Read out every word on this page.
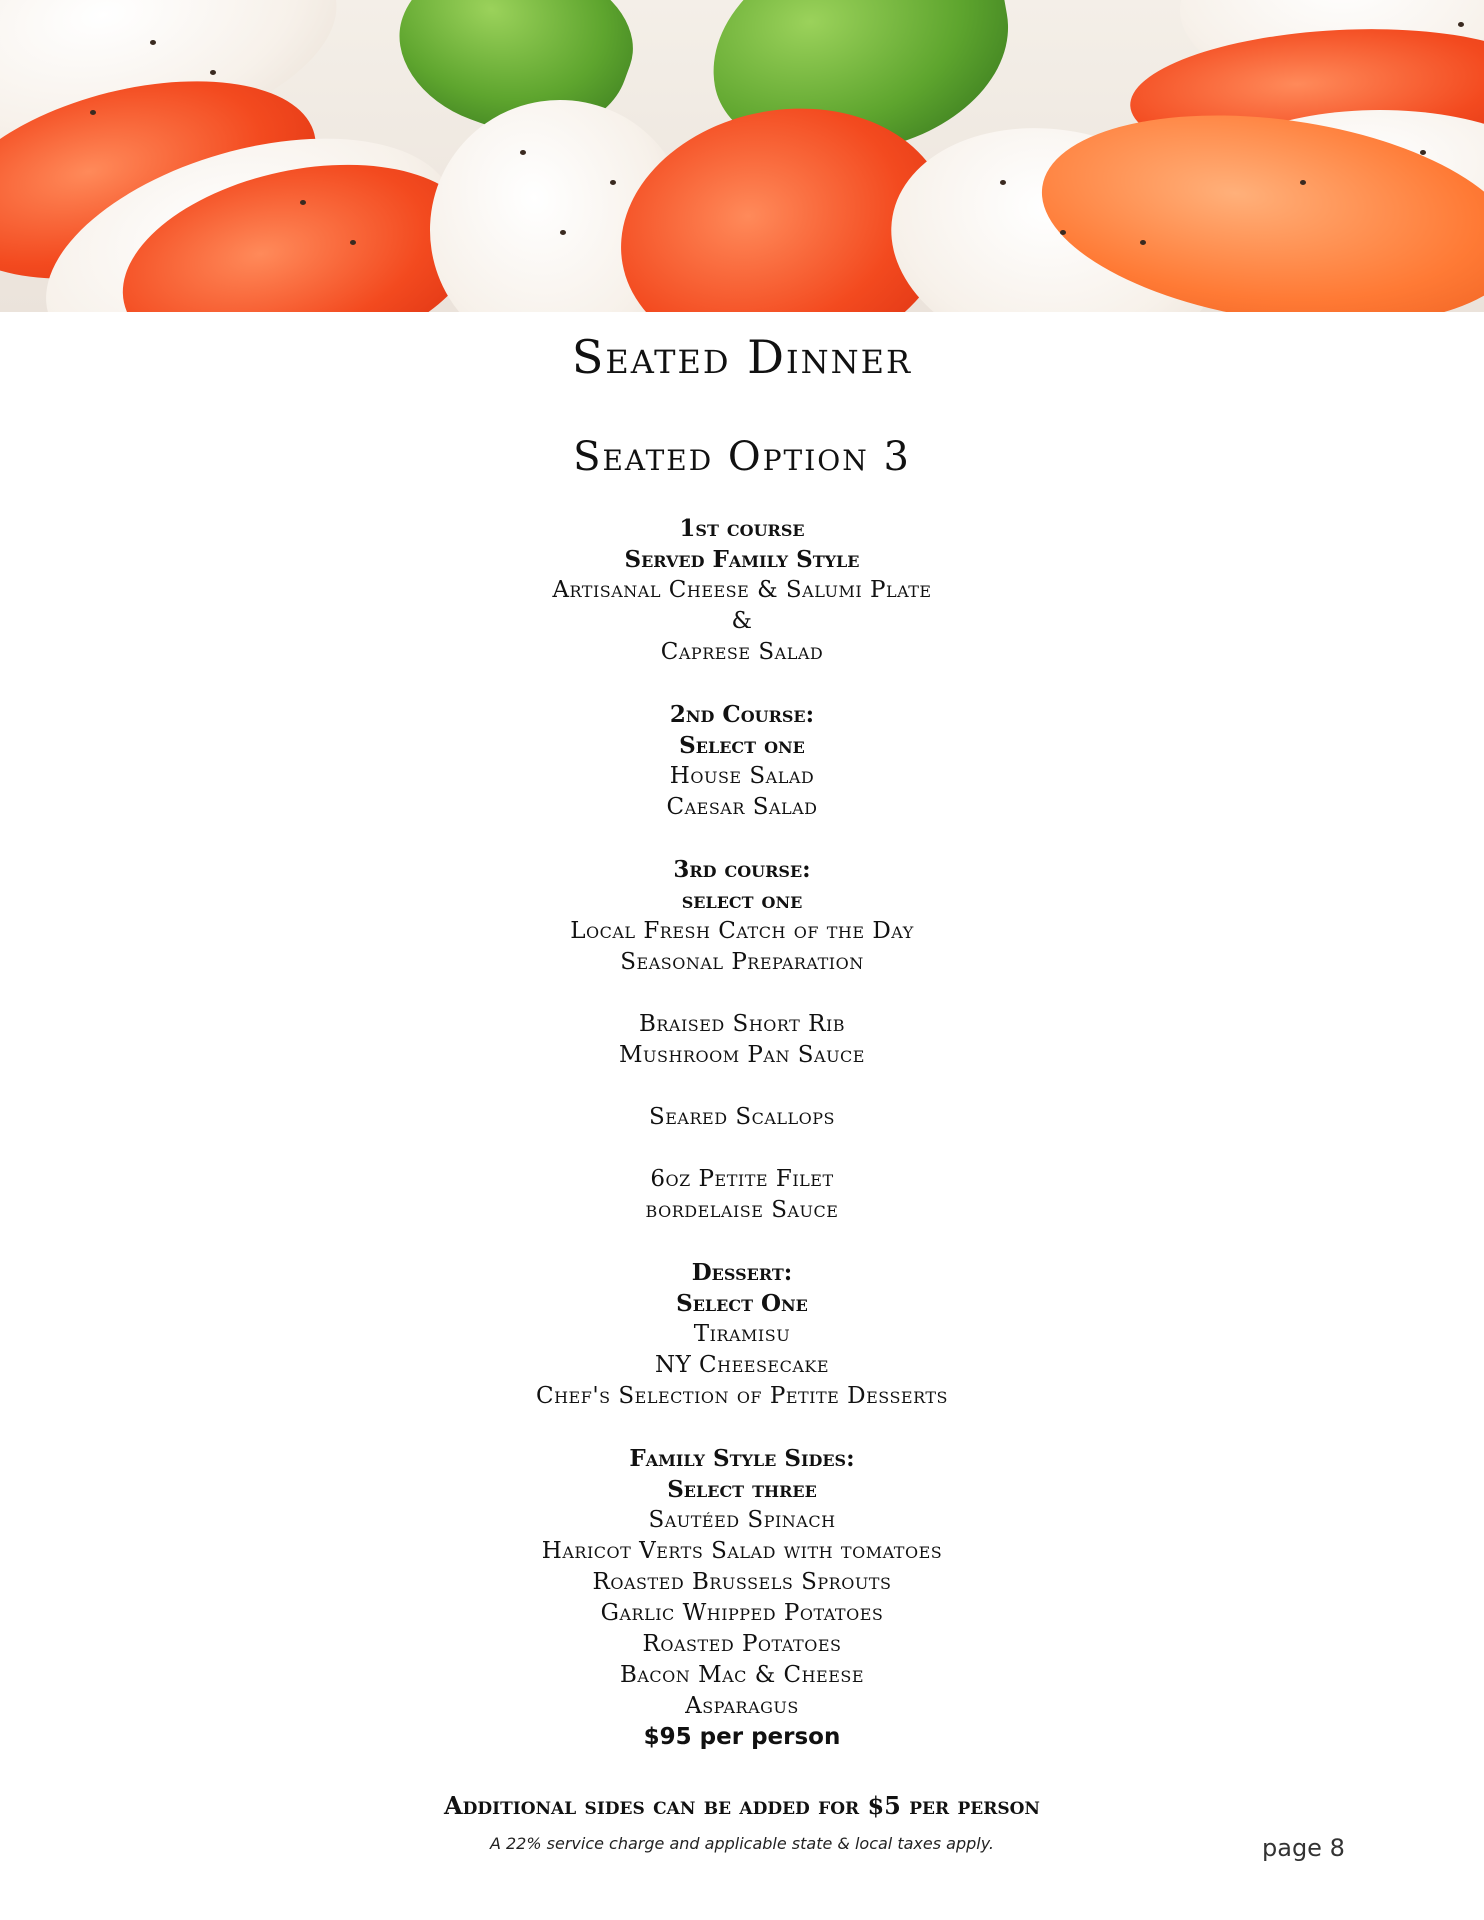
Seated Dinner
Seated Option 3
1st course
Served Family Style
Artisanal Cheese & Salumi Plate
&
Caprese Salad
2nd Course:
Select one
House Salad
Caesar Salad
3rd course:
select one
Local Fresh Catch of the Day
Seasonal Preparation
Braised Short Rib
Mushroom Pan Sauce
Seared Scallops
6oz Petite Filet
bordelaise Sauce
Dessert:
Select One
Tiramisu
NY Cheesecake
Chef's Selection of Petite Desserts
Family Style Sides:
Select three
Sautéed Spinach
Haricot Verts Salad with tomatoes
Roasted Brussels Sprouts
Garlic Whipped Potatoes
Roasted Potatoes
Bacon Mac & Cheese
Asparagus
$95 per person
Additional sides can be added for $5 per person
A 22% service charge and applicable state & local taxes apply.	page 8
